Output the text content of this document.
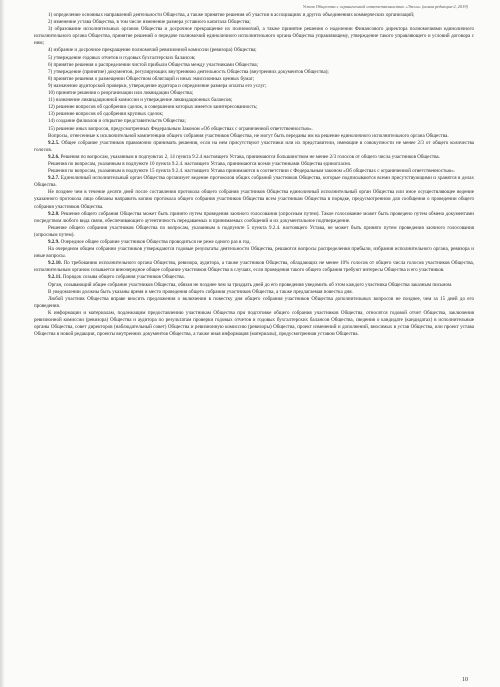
Устав Общества с ограниченной ответственностью «Эксон» (новая редакция-2, 2019)

1) определение основных направлений деятельности Общества, а также принятие решения об участии в ассоциациях и других объединениях коммерческих организаций;

2) изменение устава Общества, в том числе изменение размера уставного капитала Общества;

3) образование исполнительных органов Общества и досрочное прекращение их полномочий, а также принятие решения о наделении Финансового директора полномочиями единоличного исполнительного органа Общества, принятие решений о передаче полномочий единоличного исполнительного органа Общества управляющему, утверждение такого управляющего и условий договора с ним;

4) избрание и досрочное прекращение полномочий ревизионной комиссии (ревизора) Общества;

5) утверждение годовых отчетов и годовых бухгалтерских балансов;

6) принятие решения о распределении чистой прибыли Общества между участниками Общества;

7) утверждение (принятие) документов, регулирующих внутреннюю деятельность Общества (внутренних документов Общества);

8) принятие решения о размещении Обществом облигаций и иных эмиссионных ценных бумаг;

9) назначение аудиторской проверки, утверждение аудитора и определение размера оплаты его услуг;

10) принятие решения о реорганизации или ликвидации Общества;

11) назначение ликвидационной комиссии и утверждение ликвидационных балансов;

12) решение вопросов об одобрении сделок, в совершении которых имеется заинтересованность;

13) решение вопросов об одобрении крупных сделок;

14) создание филиалов и открытие представительств Общества;

15) решение иных вопросов, предусмотренных Федеральным Законом «Об обществах с ограниченной ответственностью».

Вопросы, отнесенные к исключительной компетенции общего собрания участников Общества, не могут быть переданы им на решение единоличного исполнительного органа Общества.

9.2.5. Общее собрание участников правомочно принимать решения, если на нем присутствуют участники или их представители, имеющие в совокупности не менее 2/3 от общего количества голосов.

9.2.6. Решения по вопросам, указанным в подпунктах 2, 14 пункта 9.2.4 настоящего Устава, принимаются большинством не менее 2/3 голосов от общего числа участников Общества.

Решения по вопросам, указанным в подпункте 10 пункта 9.2.4. настоящего Устава, принимаются всеми участниками Общества единогласно.

Решения по вопросам, указанным в подпункте 15 пункта 9.2.4. настоящего Устава принимаются в соответствии с Федеральным законом «Об обществах с ограниченной ответственностью».

9.2.7. Единоличный исполнительный орган Общества организует ведение протоколов общих собраний участников Общества, которые подписываются всеми присутствующими и хранятся в делах Общества.

Не позднее чем в течение десяти дней после составления протокола общего собрания участников Общества единоличный исполнительный орган Общества или иное осуществляющее ведение указанного протокола лицо обязаны направить копию протокола общего собрания участников Общества всем участникам Общества в порядке, предусмотренном для сообщения о проведении общего собрания участников Общества.

9.2.8. Решение общего собрания Общества может быть принято путем проведения заочного голосования (опросным путем). Такое голосование может быть проведено путем обмена документами посредством любого вида связи, обеспечивающего аутентичность передаваемых и принимаемых сообщений и их документальное подтверждение.

Решение общего собрания участников Общества по вопросам, указанным в подпункте 5 пункта 9.2.4. настоящего Устава, не может быть принято путем проведения заочного голосования (опросным путем).

9.2.9. Очередное общее собрание участников Общества проводиться не реже одного раз в год.

На очередном общем собрании участников утверждаются годовые результаты деятельности Общества, решаются вопросы распределения прибыли, избрания исполнительного органа, ревизора и иные вопросы.

9.2.10. По требованию исполнительного органа Общества, ревизора, аудитора, а также участников Общества, обладающих не менее 10% голосов от общего числа голосов участников Общества, исполнительным органом созывается внеочередное общее собрание участников Общества в случаях, если проведения такого общего собрания требуют интересы Общества и его участников.

9.2.11. Порядок созыва общего собрания участников Общества.

Орган, созывающий общее собрание участников Общества, обязан не позднее чем за тридцать дней до его проведения уведомить об этом каждого участника Общества заказным письмом.

В уведомлении должны быть указаны время и место проведения общего собрания участников Общества, а также предлагаемая повестка дня.

Любой участник Общества вправе вносить предложения о включении в повестку дня общего собрания участников Общества дополнительных вопросов не позднее, чем за 15 дней до его проведения.

К информации и материалам, подлежащим предоставлению участникам Общества при подготовке общего собрания участников Общества, относятся годовой отчет Общества, заключения ревизионной комиссии (ревизора) Общества и аудитора по результатам проверки годовых отчетов и годовых бухгалтерских балансов Общества, сведения о кандидате (кандидатах) в исполнительные органы Общества, совет директоров (наблюдательный совет) Общества и ревизионную комиссию (ревизоры) Общества, проект изменений и дополнений, вносимых в устав Общества, или проект устава Общества в новой редакции, проекты внутренних документов Общества, а также иная информация (материалы), предусмотренная уставом Общества.

10
